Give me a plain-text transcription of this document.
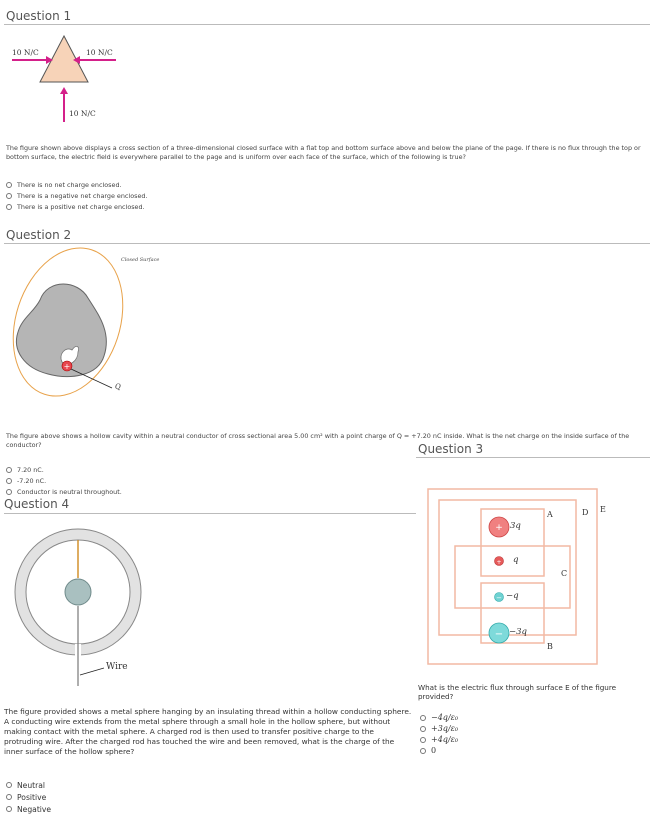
Question 1
10 N/C	10 N/C
10 N/C
The figure shown above displays a cross section of a three-dimensional closed surface with a flat top and bottom surface above and below the plane of the page. If there is no flux through the top or bottom surface, the electric field is everywhere parallel to the page and is uniform over each face of the surface, which of the following is true?
There is no net charge enclosed.
There is a negative net charge enclosed.
There is a positive net charge enclosed.
Question 2
+
Closed Surface
Q
The figure above shows a hollow cavity within a neutral conductor of cross sectional area 5.00 cm² with a point charge of Q = +7.20 nC inside. What is the net charge on the inside surface of the conductor?
7.20 nC.
-7.20 nC.
Conductor is neutral throughout.
Question 3
+
+
−
−
3q
q
−q
−3q
A
B
C
D E
What is the electric flux through surface E of the figure provided?
−4q/ε₀
+3q/ε₀
+4q/ε₀
0
Question 4
Wire
The figure provided shows a metal sphere hanging by an insulating thread within a hollow conducting sphere. A conducting wire extends from the metal sphere through a small hole in the hollow sphere, but without making contact with the metal sphere. A charged rod is then used to transfer positive charge to the protruding wire. After the charged rod has touched the wire and been removed, what is the charge of the inner surface of the hollow sphere?
Neutral
Positive
Negative
